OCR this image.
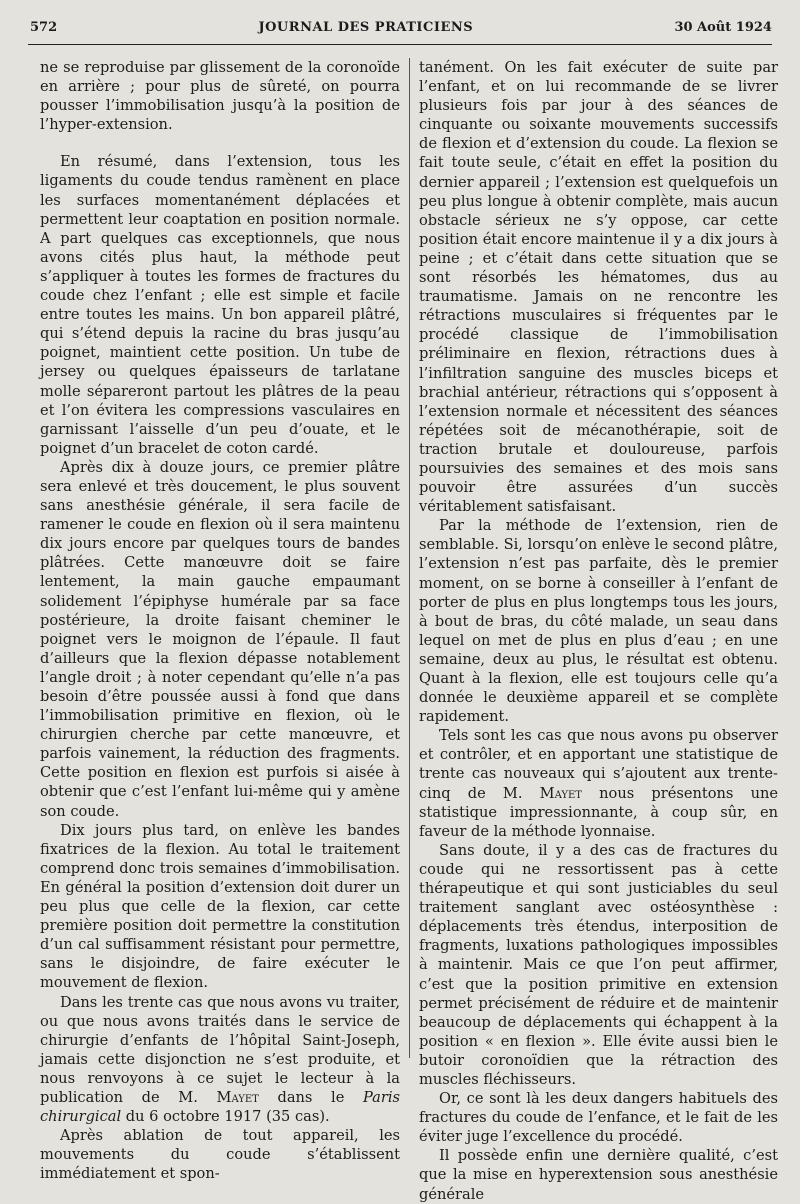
572	JOURNAL DES PRATICIENS	30 Août 1924

ne se reproduise par glissement de la coronoïde en arrière ; pour plus de sûreté, on pourra pousser l’immobilisation jusqu’à la position de l’hyper-extension.

En résumé, dans l’extension, tous les ligaments du coude tendus ramènent en place les surfaces momentanément déplacées et permettent leur coaptation en position normale. A part quelques cas exceptionnels, que nous avons cités plus haut, la méthode peut s’appliquer à toutes les formes de fractures du coude chez l’enfant ; elle est simple et facile entre toutes les mains. Un bon appareil plâtré, qui s’étend depuis la racine du bras jusqu’au poignet, maintient cette position. Un tube de jersey ou quelques épaisseurs de tarlatane molle sépareront partout les plâtres de la peau et l’on évitera les compressions vasculaires en garnissant l’aisselle d’un peu d’ouate, et le poignet d’un bracelet de coton cardé.

Après dix à douze jours, ce premier plâtre sera enlevé et très doucement, le plus souvent sans anesthésie générale, il sera facile de ramener le coude en flexion où il sera maintenu dix jours encore par quelques tours de bandes plâtrées. Cette manœuvre doit se faire lentement, la main gauche empaumant solidement l’épiphyse humérale par sa face postérieure, la droite faisant cheminer le poignet vers le moignon de l’épaule. Il faut d’ailleurs que la flexion dépasse notablement l’angle droit ; à noter cependant qu’elle n’a pas besoin d’être poussée aussi à fond que dans l’immobilisation primitive en flexion, où le chirurgien cherche par cette manœuvre, et parfois vainement, la réduction des fragments. Cette position en flexion est purfois si aisée à obtenir que c’est l’enfant lui-même qui y amène son coude.

Dix jours plus tard, on enlève les bandes fixatrices de la flexion. Au total le traitement comprend donc trois semaines d’immobilisation. En général la position d’extension doit durer un peu plus que celle de la flexion, car cette première position doit permettre la constitution d’un cal suffisamment résistant pour permettre, sans le disjoindre, de faire exécuter le mouvement de flexion.

Dans les trente cas que nous avons vu traiter, ou que nous avons traités dans le service de chirurgie d’enfants de l’hôpital Saint-Joseph, jamais cette disjonction ne s’est produite, et nous renvoyons à ce sujet le lecteur à la publication de M. Mayet dans le Paris chirurgical du 6 octobre 1917 (35 cas).

Après ablation de tout appareil, les mouvements du coude s’établissent immédiatement et spon-

tanément. On les fait exécuter de suite par l’enfant, et on lui recommande de se livrer plusieurs fois par jour à des séances de cinquante ou soixante mouvements successifs de flexion et d’extension du coude. La flexion se fait toute seule, c’était en effet la position du dernier appareil ; l’extension est quelquefois un peu plus longue à obtenir complète, mais aucun obstacle sérieux ne s’y oppose, car cette position était encore maintenue il y a dix jours à peine ; et c’était dans cette situation que se sont résorbés les hématomes, dus au traumatisme. Jamais on ne rencontre les rétractions musculaires si fréquentes par le procédé classique de l’immobilisation préliminaire en flexion, rétractions dues à l’infiltration sanguine des muscles biceps et brachial antérieur, rétractions qui s’opposent à l’extension normale et nécessitent des séances répétées soit de mécanothérapie, soit de traction brutale et douloureuse, parfois poursuivies des semaines et des mois sans pouvoir être assurées d’un succès véritablement satisfaisant.

Par la méthode de l’extension, rien de semblable. Si, lorsqu’on enlève le second plâtre, l’extension n’est pas parfaite, dès le premier moment, on se borne à conseiller à l’enfant de porter de plus en plus longtemps tous les jours, à bout de bras, du côté malade, un seau dans lequel on met de plus en plus d’eau ; en une semaine, deux au plus, le résultat est obtenu. Quant à la flexion, elle est toujours celle qu’a donnée le deuxième appareil et se complète rapidement.

Tels sont les cas que nous avons pu observer et contrôler, et en apportant une statistique de trente cas nouveaux qui s’ajoutent aux trente-cinq de M. Mayet nous présentons une statistique impressionnante, à coup sûr, en faveur de la méthode lyonnaise.

Sans doute, il y a des cas de fractures du coude qui ne ressortissent pas à cette thérapeutique et qui sont justiciables du seul traitement sanglant avec ostéosynthèse : déplacements très étendus, interposition de fragments, luxations pathologiques impossibles à maintenir. Mais ce que l’on peut affirmer, c’est que la position primitive en extension permet précisément de réduire et de maintenir beaucoup de déplacements qui échappent à la position « en flexion ». Elle évite aussi bien le butoir coronoïdien que la rétraction des muscles fléchisseurs.

Or, ce sont là les deux dangers habituels des fractures du coude de l’enfance, et le fait de les éviter juge l’excellence du procédé.

Il possède enfin une dernière qualité, c’est que la mise en hyperextension sous anesthésie générale
